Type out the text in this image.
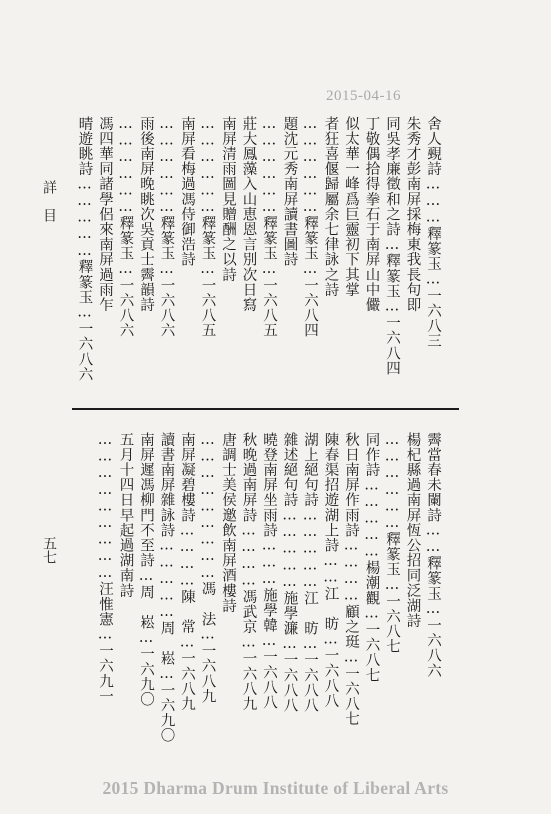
2015-04-16
詳　目
五七
舍人覡詩………釋篆玉…一六八三
朱秀才彭南屏採梅東我長句即
同吳孝廉徵和之詩…釋篆玉…一六八四
丁敬偶拾得拳石于南屏山中儼
似太華一峰爲巨靈初下其掌
者狂喜偃歸屬余七律詠之詩
………………釋篆玉…一六八四
題沈元秀南屏讀書圖詩
………………釋篆玉…一六八五
莊大鳳藻入山恵恩言別次日寫
南屏清雨圖見贈酬之以詩
………………釋篆玉…一六八五
南屏看梅過馮侍御浩詩
………………釋篆玉…一六八六
雨後南屏晚眺次吳貢士霽韻詩
………………釋篆玉…一六八六
馮四華同諸學侶來南屏過雨乍
晴遊眺詩……………釋篆玉…一六八六
霽當春未闌詩……釋篆玉…一六八六
楊杞縣過南屏恆公招同泛湖詩
………………釋篆玉…一六八七
同作詩……………楊潮觀…一六八七
秋日南屏作雨詩…………顧之珽…一六八七
陳春渠招遊湖上詩……江　昉…一六八八
湖上絕句詩……………江　昉…一六八八
雜述絕句詩……………施學濂…一六八八
曉登南屏坐雨詩………施學韓…一六八八
秋晚過南屏詩…………馮武京…一六八九
唐調士美侯邀飲南屏酒樓詩
………………………馮　法…一六八九
南屏凝碧樓詩…………陳　常…一六八九
讀書南屏雜詠詩……………周　崧…一六九〇
南屏遲馮柳門不至詩…周　崧…一六九〇
五月十四日早起過湖南詩
………………………汪惟憲…一六九一
2015 Dharma Drum Institute of Liberal Arts
